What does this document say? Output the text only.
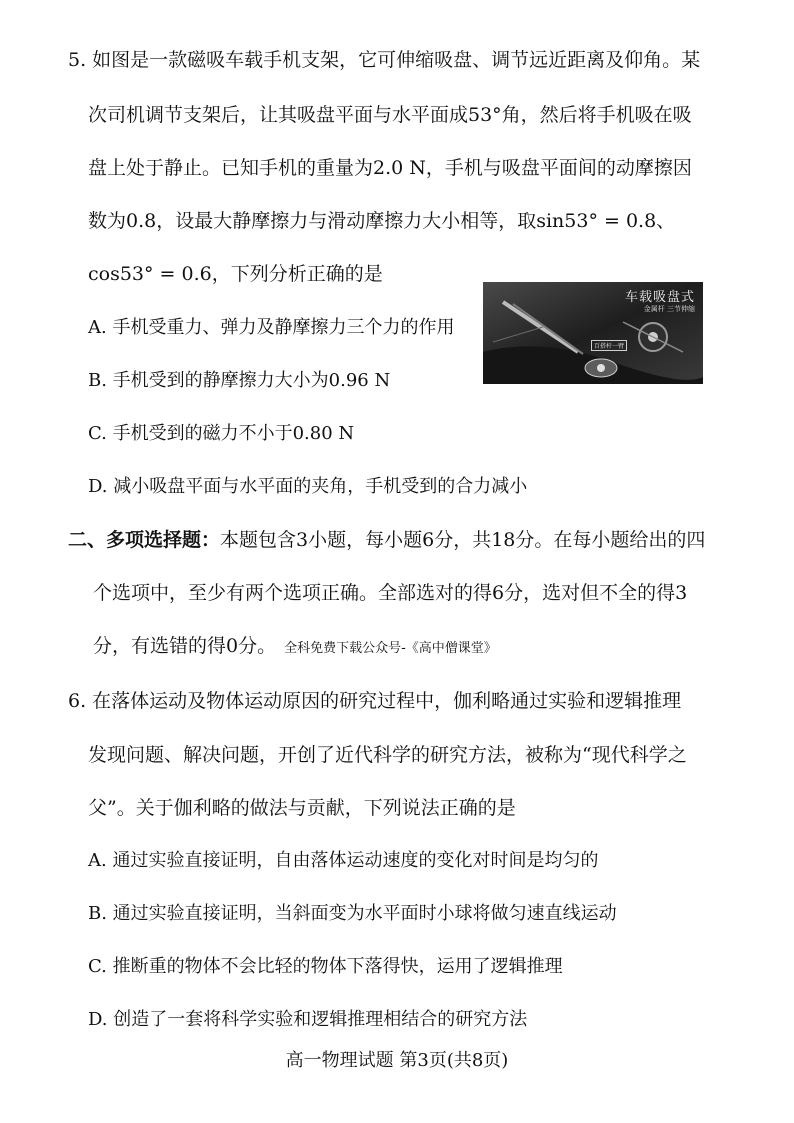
5. 如图是一款磁吸车载手机支架，它可伸缩吸盘、调节远近距离及仰角。某
次司机调节支架后，让其吸盘平面与水平面成53°角，然后将手机吸在吸
盘上处于静止。已知手机的重量为2.0 N，手机与吸盘平面间的动摩擦因
数为0.8，设最大静摩擦力与滑动摩擦力大小相等，取sin53° = 0.8、
cos53° = 0.6，下列分析正确的是
A. 手机受重力、弹力及静摩擦力三个力的作用
B. 手机受到的静摩擦力大小为0.96 N
C. 手机受到的磁力不小于0.80 N
D. 减小吸盘平面与水平面的夹角，手机受到的合力减小
车载吸盘式
金属杆 三节伸缩
百搭杆一臂
二、多项选择题：本题包含3小题，每小题6分，共18分。在每小题给出的四
个选项中，至少有两个选项正确。全部选对的得6分，选对但不全的得3
分，有选错的得0分。 全科免费下载公众号-《高中僧课堂》
6. 在落体运动及物体运动原因的研究过程中，伽利略通过实验和逻辑推理
发现问题、解决问题，开创了近代科学的研究方法，被称为“现代科学之
父”。关于伽利略的做法与贡献，下列说法正确的是
A. 通过实验直接证明，自由落体运动速度的变化对时间是均匀的
B. 通过实验直接证明，当斜面变为水平面时小球将做匀速直线运动
C. 推断重的物体不会比轻的物体下落得快，运用了逻辑推理
D. 创造了一套将科学实验和逻辑推理相结合的研究方法
高一物理试题 第3页(共8页)
